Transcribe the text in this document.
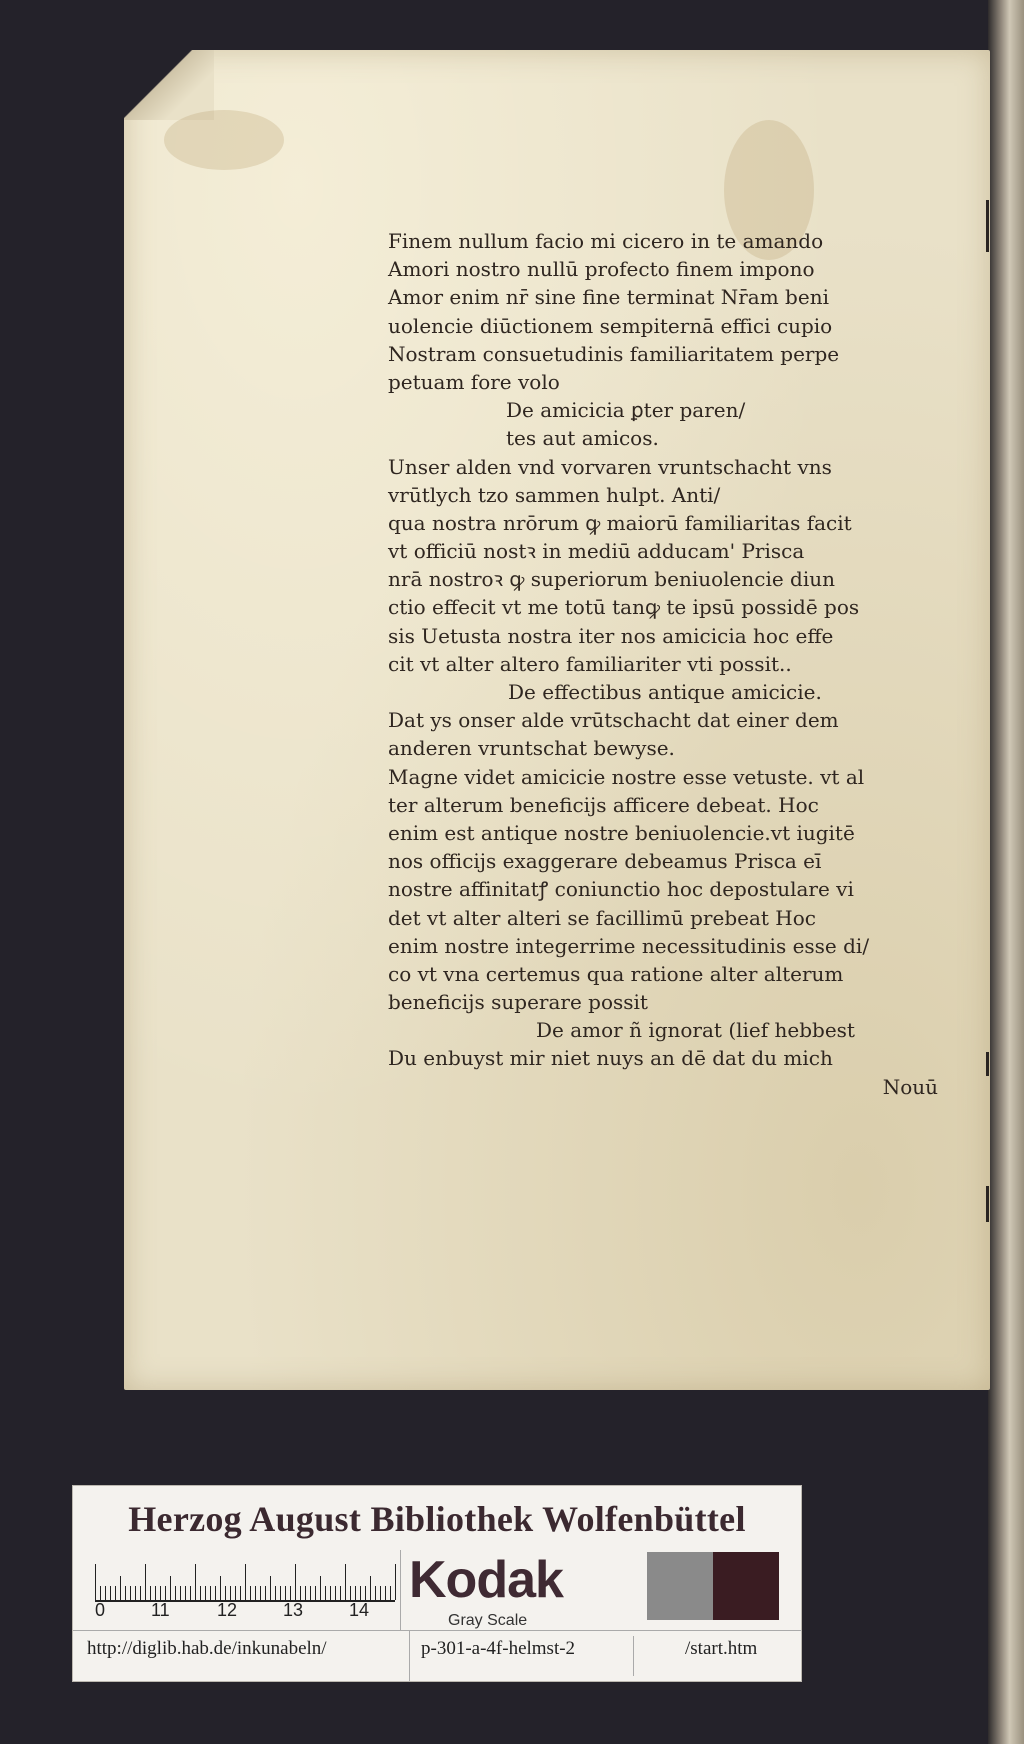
Finem nullum facio mi cicero in te amando
Amori nostro nullū profecto finem impono
Amor enim nr̄ sine fine terminat Nr̄am beni
uolencie diūctionem sempiternā effici cupio
Nostram consuetudinis familiaritatem perpe
petuam fore volo
De amicicia ꝑter paren/
tes aut amicos.
Unser alden vnd vorvaren vruntschacht vns
vrūtlych tzo sammen hulpt. Anti/
qua nostra nrōrum ꝙ maiorū familiaritas facit
vt officiū nostꝛ in mediū adducam' Prisca
nrā nostroꝛ ꝙ superiorum beniuolencie diun
ctio effecit vt me totū tanꝙ te ipsū possidē pos
sis Uetusta nostra iter nos amicicia hoc effe
cit vt alter altero familiariter vti possit..
De effectibus antique amicicie.
Dat ys onser alde vrūtschacht dat einer dem
anderen vruntschat bewyse.
Magne videt amicicie nostre esse vetuste. vt al
ter alterum beneficijs afficere debeat. Hoc
enim est antique nostre beniuolencie.vt iugitē
nos officijs exaggerare debeamus Prisca eī
nostre affinitatꝭ coniunctio hoc depostulare vi
det vt alter alteri se facillimū prebeat Hoc
enim nostre integerrime necessitudinis esse di/
co vt vna certemus qua ratione alter alterum
beneficijs superare possit
De amor ñ ignorat (lief hebbest
Du enbuyst mir niet nuys an dē dat du mich
Nouū
Herzog August Bibliothek Wolfenbüttel
0	11	12	13	14
Kodak
Gray Scale
http://diglib.hab.de/inkunabeln/	p-301-a-4f-helmst-2	/start.htm
